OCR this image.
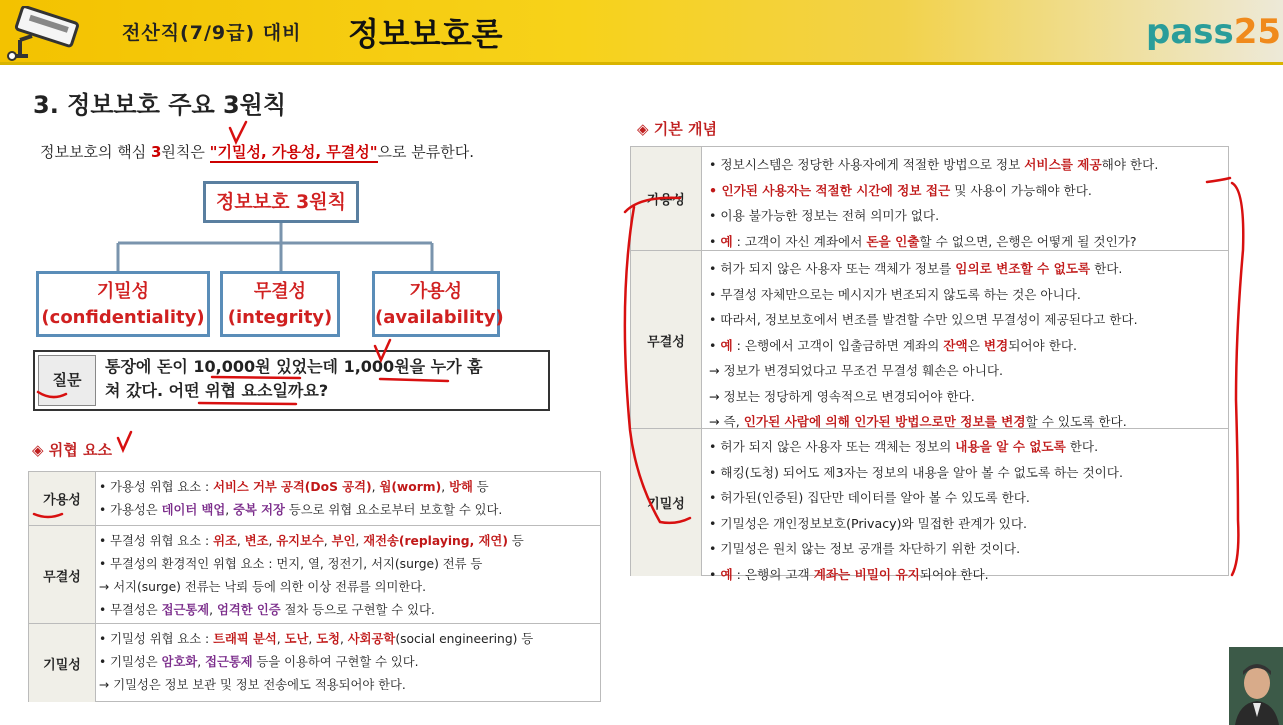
전산직(7/9급) 대비 정보보호론	pass25
3. 정보보호 주요 3원칙
정보보호의 핵심 3원칙은 "기밀성, 가용성, 무결성"으로 분류한다.
정보보호 3원칙
기밀성
(confidentiality)
무결성
(integrity)
가용성
(availability)
질문
통장에 돈이 10,000원 있었는데 1,000원을 누가 훔
쳐 갔다. 어떤 위협 요소일까요?
◈ 위협 요소
가용성
• 가용성 위협 요소 : 서비스 거부 공격(DoS 공격), 웜(worm), 방해 등
• 가용성은 데이터 백업, 중복 저장 등으로 위협 요소로부터 보호할 수 있다.
무결성
• 무결성 위협 요소 : 위조, 변조, 유지보수, 부인, 재전송(replaying, 재연) 등
• 무결성의 환경적인 위협 요소 : 먼지, 열, 정전기, 서지(surge) 전류 등
→ 서지(surge) 전류는 낙뢰 등에 의한 이상 전류를 의미한다.
• 무결성은 접근통제, 엄격한 인증 절차 등으로 구현할 수 있다.
기밀성
• 기밀성 위협 요소 : 트래픽 분석, 도난, 도청, 사회공학(social engineering) 등
• 기밀성은 암호화, 접근통제 등을 이용하여 구현할 수 있다.
→ 기밀성은 정보 보관 및 정보 전송에도 적용되어야 한다.
◈ 기본 개념
가용성
• 정보시스템은 정당한 사용자에게 적절한 방법으로 정보 서비스를 제공해야 한다.
• 인가된 사용자는 적절한 시간에 정보 접근 및 사용이 가능해야 한다.
• 이용 불가능한 정보는 전혀 의미가 없다.
• 예 : 고객이 자신 계좌에서 돈을 인출할 수 없으면, 은행은 어떻게 될 것인가?
무결성
• 허가 되지 않은 사용자 또는 객체가 정보를 임의로 변조할 수 없도록 한다.
• 무결성 자체만으로는 메시지가 변조되지 않도록 하는 것은 아니다.
• 따라서, 정보보호에서 변조를 발견할 수만 있으면 무결성이 제공된다고 한다.
• 예 : 은행에서 고객이 입출금하면 계좌의 잔액은 변경되어야 한다.
→ 정보가 변경되었다고 무조건 무결성 훼손은 아니다.
→ 정보는 정당하게 영속적으로 변경되어야 한다.
→ 즉, 인가된 사람에 의해 인가된 방법으로만 정보를 변경할 수 있도록 한다.
기밀성
• 허가 되지 않은 사용자 또는 객체는 정보의 내용을 알 수 없도록 한다.
• 해킹(도청) 되어도 제3자는 정보의 내용을 알아 볼 수 없도록 하는 것이다.
• 허가된(인증된) 집단만 데이터를 알아 볼 수 있도록 한다.
• 기밀성은 개인정보보호(Privacy)와 밀접한 관계가 있다.
• 기밀성은 원치 않는 정보 공개를 차단하기 위한 것이다.
• 예 : 은행의 고객 계좌는 비밀이 유지되어야 한다.
